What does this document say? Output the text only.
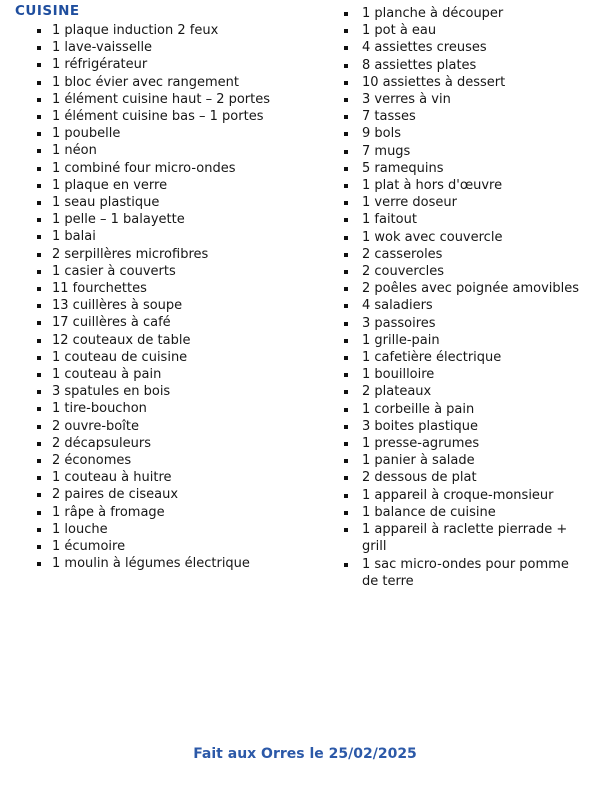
CUISINE
1 plaque induction 2 feux
1 lave-vaisselle
1 réfrigérateur
1 bloc évier avec rangement
1 élément cuisine haut – 2 portes
1 élément cuisine bas – 1 portes
1 poubelle
1 néon
1 combiné four micro-ondes
1 plaque en verre
1 seau plastique
1 pelle – 1 balayette
1 balai
2 serpillères microfibres
1 casier à couverts
11 fourchettes
13 cuillères à soupe
17 cuillères à café
12 couteaux de table
1 couteau de cuisine
1 couteau à pain
3 spatules en bois
1 tire-bouchon
2 ouvre-boîte
2 décapsuleurs
2 économes
1 couteau à huitre
2 paires de ciseaux
1 râpe à fromage
1 louche
1 écumoire
1 moulin à légumes électrique
1 planche à découper
1 pot à eau
4 assiettes creuses
8 assiettes plates
10 assiettes à dessert
3 verres à vin
7 tasses
9 bols
7 mugs
5 ramequins
1 plat à hors d'œuvre
1 verre doseur
1 faitout
1 wok avec couvercle
2 casseroles
2 couvercles
2 poêles avec poignée amovibles
4 saladiers
3 passoires
1 grille-pain
1 cafetière électrique
1 bouilloire
2 plateaux
1 corbeille à pain
3 boites plastique
1 presse-agrumes
1 panier à salade
2 dessous de plat
1 appareil à croque-monsieur
1 balance de cuisine
1 appareil à raclette pierrade + grill
1 sac micro-ondes pour pomme de terre
Fait aux Orres le 25/02/2025
